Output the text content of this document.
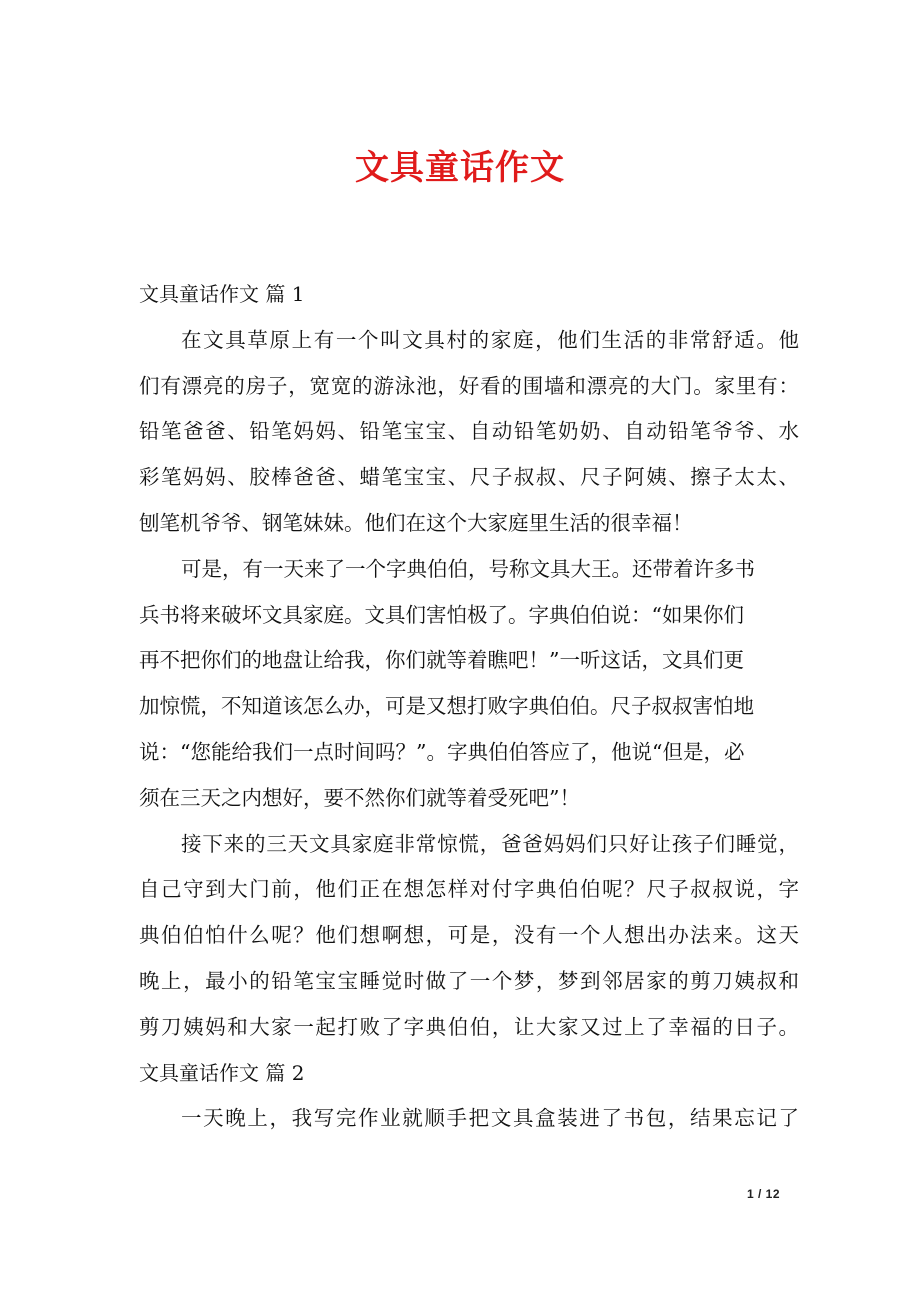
文具童话作文
文具童话作文 篇 1
在文具草原上有一个叫文具村的家庭，他们生活的非常舒适。他
们有漂亮的房子，宽宽的游泳池，好看的围墙和漂亮的大门。家里有：
铅笔爸爸、铅笔妈妈、铅笔宝宝、自动铅笔奶奶、自动铅笔爷爷、水
彩笔妈妈、胶棒爸爸、蜡笔宝宝、尺子叔叔、尺子阿姨、擦子太太、
刨笔机爷爷、钢笔妹妹。他们在这个大家庭里生活的很幸福！
可是，有一天来了一个字典伯伯，号称文具大王。还带着许多书
兵书将来破坏文具家庭。文具们害怕极了。字典伯伯说：“如果你们
再不把你们的地盘让给我，你们就等着瞧吧！”一听这话，文具们更
加惊慌，不知道该怎么办，可是又想打败字典伯伯。尺子叔叔害怕地
说：“您能给我们一点时间吗？”。字典伯伯答应了，他说“但是，必
须在三天之内想好，要不然你们就等着受死吧”！
接下来的三天文具家庭非常惊慌，爸爸妈妈们只好让孩子们睡觉，
自己守到大门前，他们正在想怎样对付字典伯伯呢？尺子叔叔说，字
典伯伯怕什么呢？他们想啊想，可是，没有一个人想出办法来。这天
晚上，最小的铅笔宝宝睡觉时做了一个梦，梦到邻居家的剪刀姨叔和
剪刀姨妈和大家一起打败了字典伯伯，让大家又过上了幸福的日子。
文具童话作文 篇 2
一天晚上，我写完作业就顺手把文具盒装进了书包，结果忘记了
1 / 12
